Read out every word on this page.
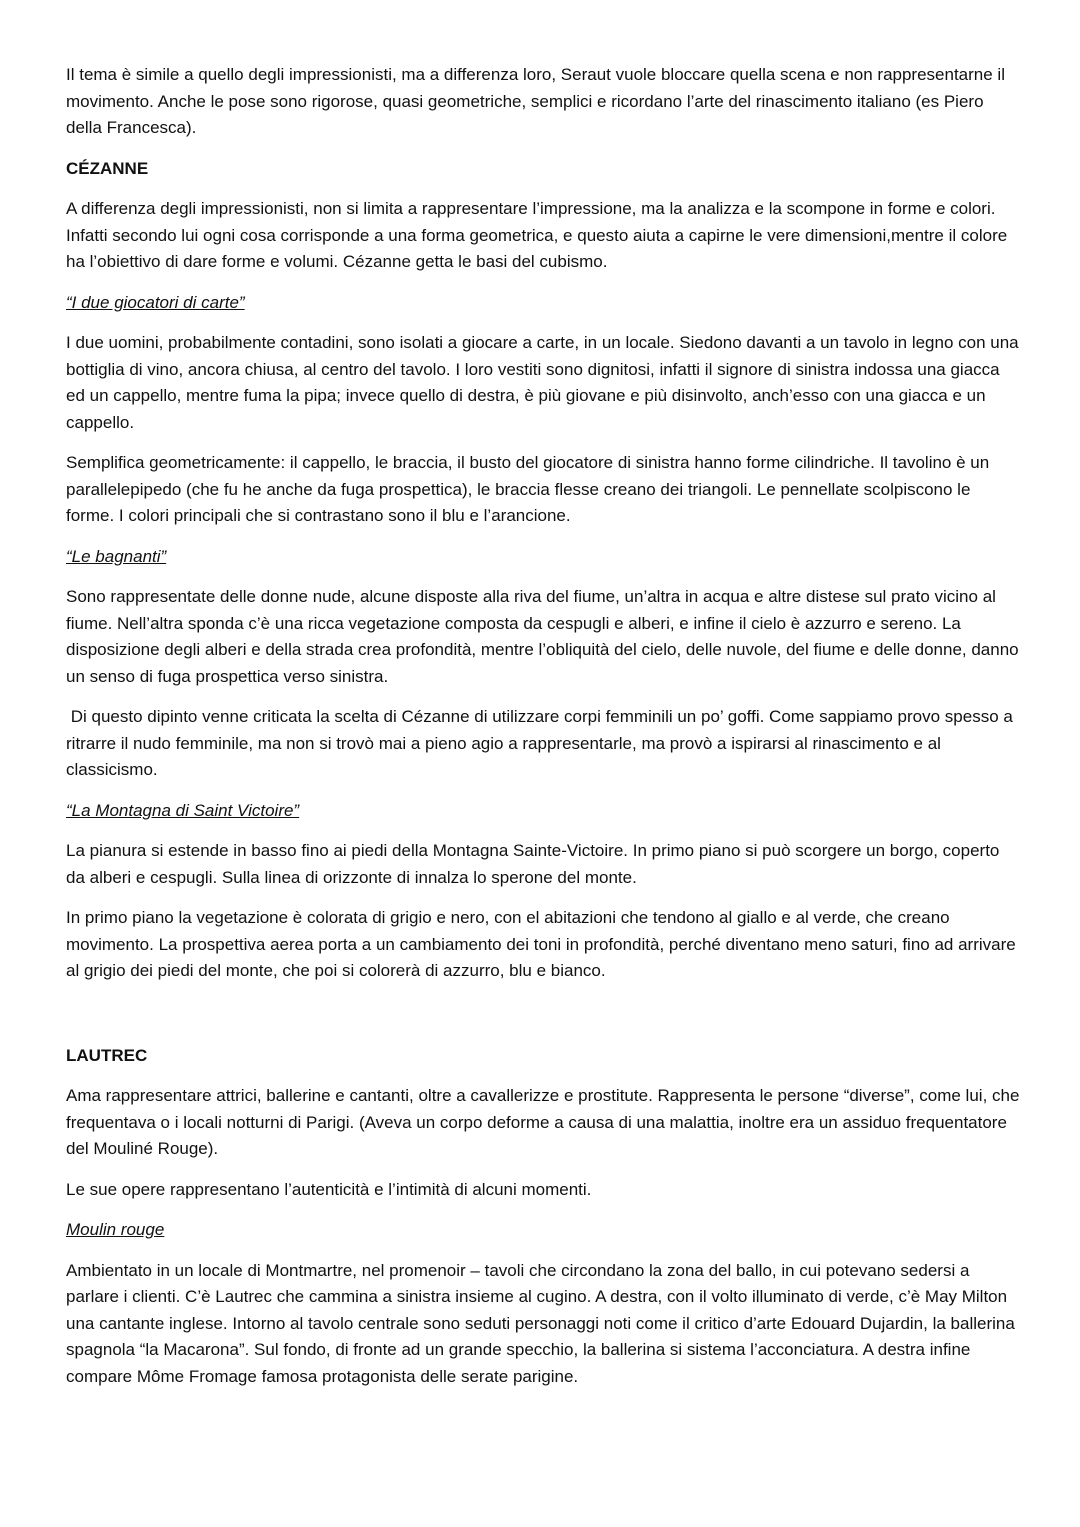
Il tema è simile a quello degli impressionisti, ma a differenza loro, Seraut vuole bloccare quella scena e non rappresentarne il movimento. Anche le pose sono rigorose, quasi geometriche, semplici e ricordano l’arte del rinascimento italiano (es Piero della Francesca).

CÉZANNE

A differenza degli impressionisti, non si limita a rappresentare l’impressione, ma la analizza e la scompone in forme e colori. Infatti secondo lui ogni cosa corrisponde a una forma geometrica, e questo aiuta a capirne le vere dimensioni,mentre il colore ha l’obiettivo di dare forme e volumi. Cézanne getta le basi del cubismo.

“I due giocatori di carte”

I due uomini, probabilmente contadini, sono isolati a giocare a carte, in un locale. Siedono davanti a un tavolo in legno con una bottiglia di vino, ancora chiusa, al centro del tavolo. I loro vestiti sono dignitosi, infatti il signore di sinistra indossa una giacca ed un cappello, mentre fuma la pipa; invece quello di destra, è più giovane e più disinvolto, anch’esso con una giacca e un cappello.

Semplifica geometricamente: il cappello, le braccia, il busto del giocatore di sinistra hanno forme cilindriche. Il tavolino è un parallelepipedo (che fu he anche da fuga prospettica), le braccia flesse creano dei triangoli. Le pennellate scolpiscono le forme. I colori principali che si contrastano sono il blu e l’arancione.

“Le bagnanti”

Sono rappresentate delle donne nude, alcune disposte alla riva del fiume, un’altra in acqua e altre distese sul prato vicino al fiume. Nell’altra sponda c’è una ricca vegetazione composta da cespugli e alberi, e infine il cielo è azzurro e sereno. La disposizione degli alberi e della strada crea profondità, mentre l’obliquità del cielo, delle nuvole, del fiume e delle donne, danno un senso di fuga prospettica verso sinistra.

Di questo dipinto venne criticata la scelta di Cézanne di utilizzare corpi femminili un po’ goffi. Come sappiamo provo spesso a ritrarre il nudo femminile, ma non si trovò mai a pieno agio a rappresentarle, ma provò a ispirarsi al rinascimento e al classicismo.

“La Montagna di Saint Victoire”

La pianura si estende in basso fino ai piedi della Montagna Sainte-Victoire. In primo piano si può scorgere un borgo, coperto da alberi e cespugli. Sulla linea di orizzonte di innalza lo sperone del monte.

In primo piano la vegetazione è colorata di grigio e nero, con el abitazioni che tendono al giallo e al verde, che creano movimento. La prospettiva aerea porta a un cambiamento dei toni in profondità, perché diventano meno saturi, fino ad arrivare al grigio dei piedi del monte, che poi si colorerà di azzurro, blu e bianco.

LAUTREC

Ama rappresentare attrici, ballerine e cantanti, oltre a cavallerizze e prostitute. Rappresenta le persone “diverse”, come lui, che frequentava o i locali notturni di Parigi. (Aveva un corpo deforme a causa di una malattia, inoltre era un assiduo frequentatore del Mouliné Rouge).

Le sue opere rappresentano l’autenticità e l’intimità di alcuni momenti.

Moulin rouge

Ambientato in un locale di Montmartre, nel promenoir – tavoli che circondano la zona del ballo, in cui potevano sedersi a parlare i clienti. C’è Lautrec che cammina a sinistra insieme al cugino. A destra, con il volto illuminato di verde, c’è May Milton una cantante inglese. Intorno al tavolo centrale sono seduti personaggi noti come il critico d’arte Edouard Dujardin, la ballerina spagnola “la Macarona”. Sul fondo, di fronte ad un grande specchio, la ballerina si sistema l’acconciatura. A destra infine compare Môme Fromage famosa protagonista delle serate parigine.
